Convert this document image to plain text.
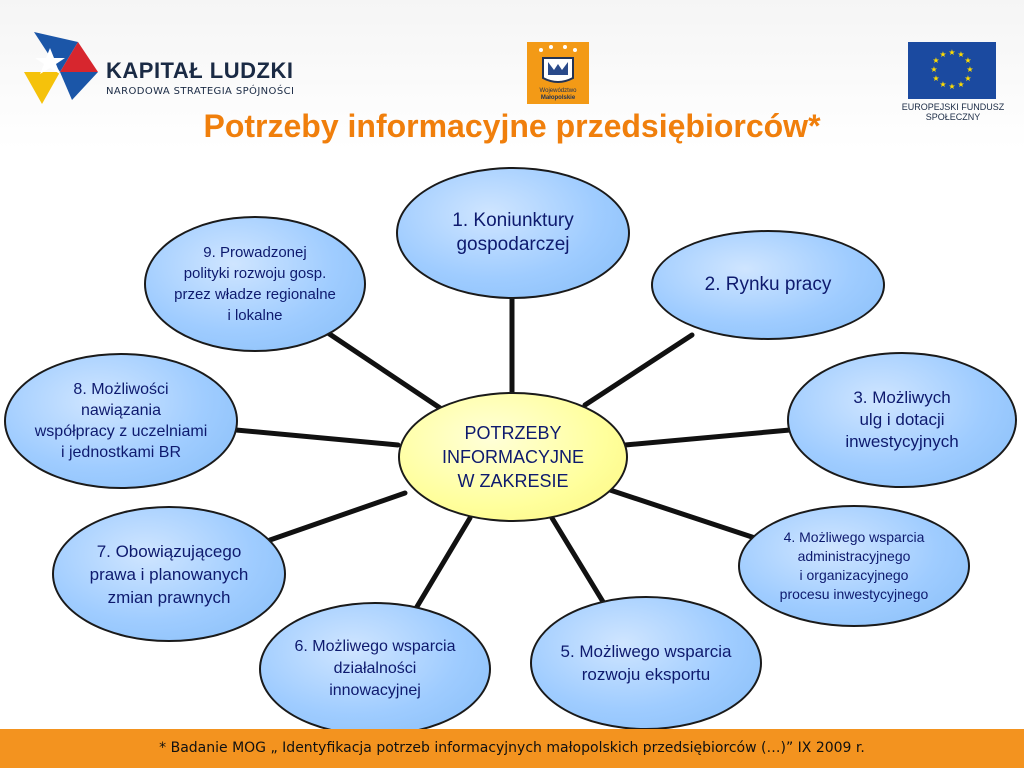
KAPITAŁ LUDZKI
NARODOWA STRATEGIA SPÓJNOŚCI	Województwo
Małopolskie
★ ★
★
★
★
★
★
★
★
★
★
★
EUROPEJSKI FUNDUSZ
SPOŁECZNY
Potrzeby informacyjne przedsiębiorców*
POTRZEBY
INFORMACYJNE
W ZAKRESIE
1. Koniunktury
gospodarczej
2. Rynku pracy
3. Możliwych
ulg i dotacji
inwestycyjnych
4. Możliwego wsparcia
administracyjnego
i organizacyjnego
procesu inwestycyjnego
5. Możliwego wsparcia
rozwoju eksportu
6. Możliwego wsparcia
działalności
innowacyjnej
7. Obowiązującego
prawa i planowanych
zmian prawnych
8. Możliwości
nawiązania
współpracy z uczelniami
i jednostkami BR
9. Prowadzonej
polityki rozwoju gosp.
przez władze regionalne
i lokalne
* Badanie MOG „ Identyfikacja potrzeb informacyjnych małopolskich przedsiębiorców (…)” IX 2009 r.
